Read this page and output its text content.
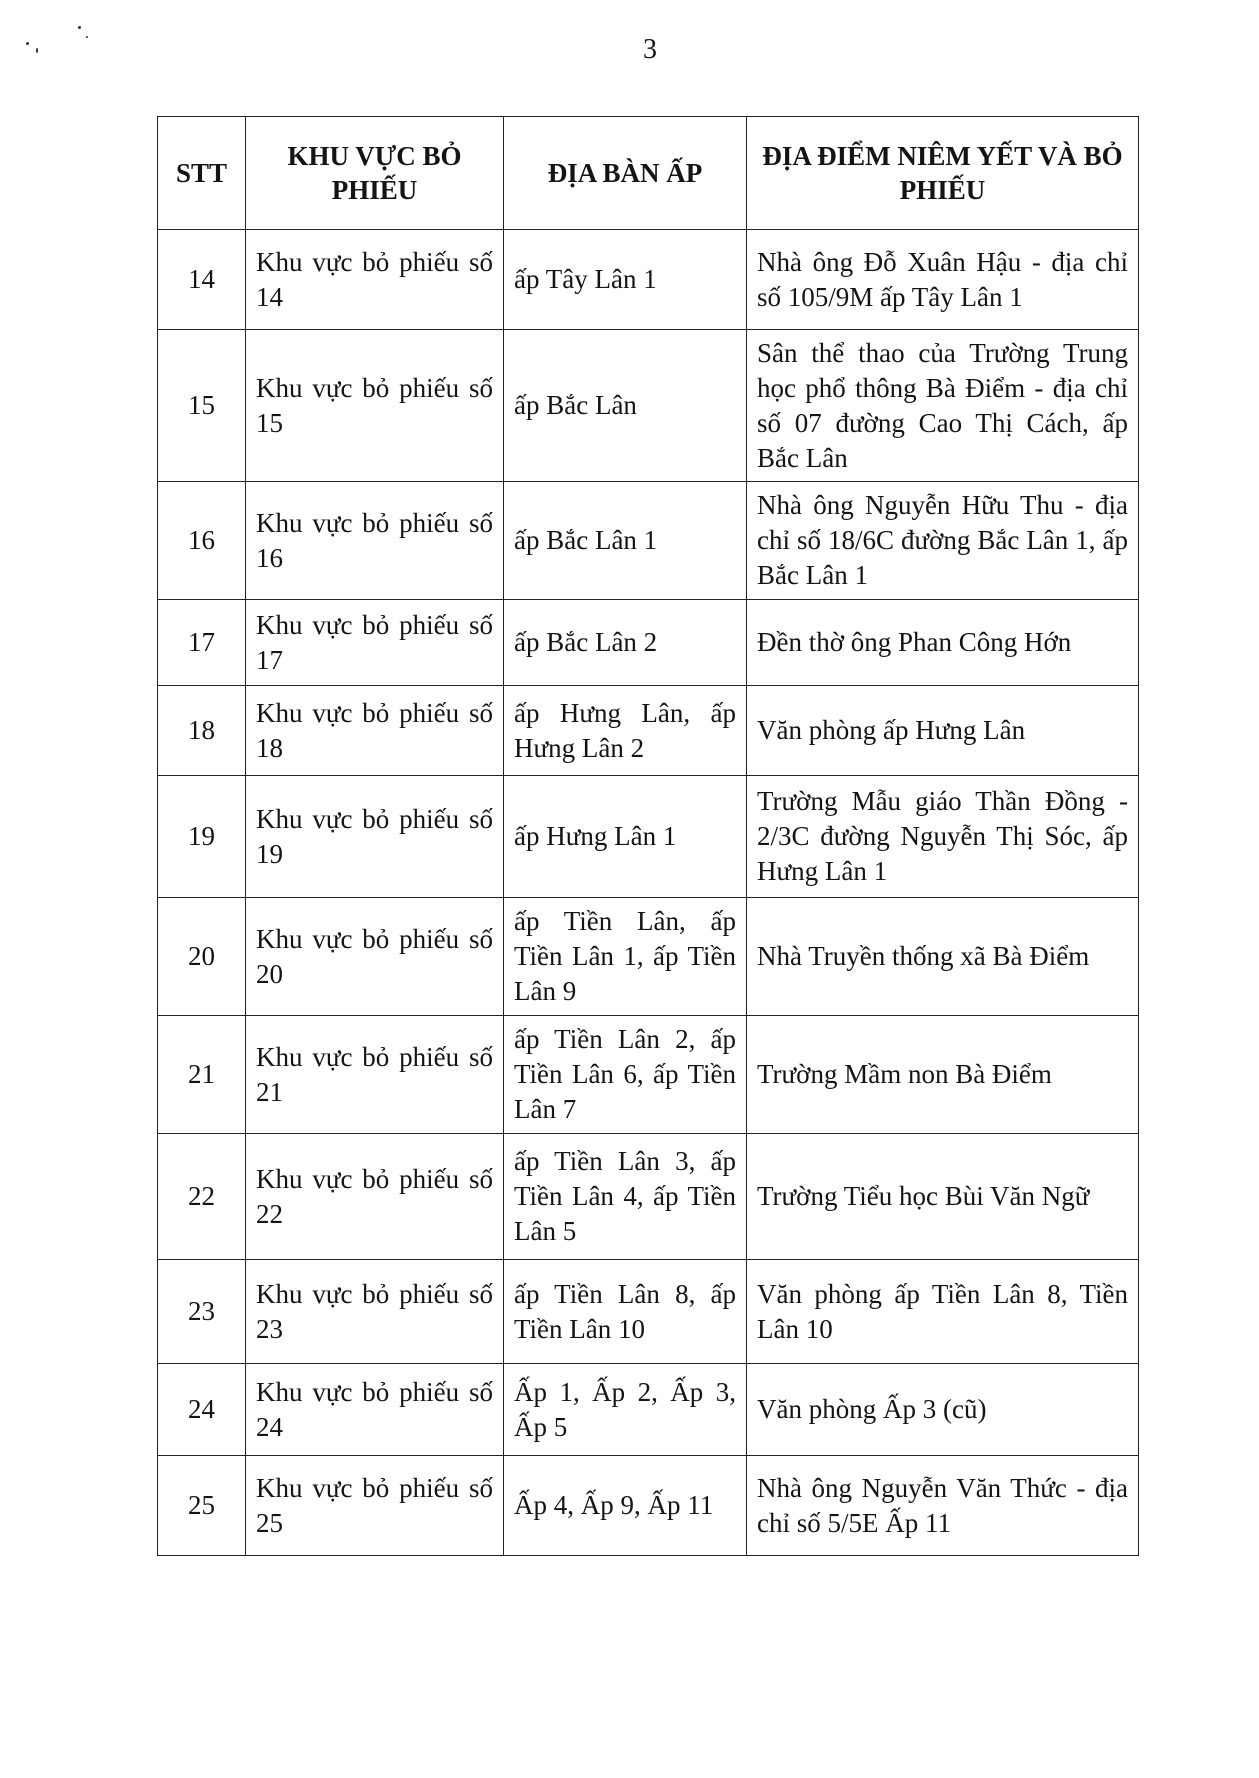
3
STT	KHU VỰC BỎ PHIẾU	ĐỊA BÀN ẤP	ĐỊA ĐIỂM NIÊM YẾT VÀ BỎ PHIẾU
14	Khu vực bỏ phiếu số 14	ấp Tây Lân 1	Nhà ông Đỗ Xuân Hậu - địa chỉ số 105/9M ấp Tây Lân 1
15	Khu vực bỏ phiếu số 15	ấp Bắc Lân	Sân thể thao của Trường Trung học phổ thông Bà Điểm - địa chỉ số 07 đường Cao Thị Cách, ấp Bắc Lân
16	Khu vực bỏ phiếu số 16	ấp Bắc Lân 1	Nhà ông Nguyễn Hữu Thu - địa chỉ số 18/6C đường Bắc Lân 1, ấp Bắc Lân 1
17	Khu vực bỏ phiếu số 17	ấp Bắc Lân 2	Đền thờ ông Phan Công Hớn
18	Khu vực bỏ phiếu số 18	ấp Hưng Lân, ấp Hưng Lân 2	Văn phòng ấp Hưng Lân
19	Khu vực bỏ phiếu số 19	ấp Hưng Lân 1	Trường Mẫu giáo Thần Đồng - 2/3C đường Nguyễn Thị Sóc, ấp Hưng Lân 1
20	Khu vực bỏ phiếu số 20	ấp Tiền Lân, ấp Tiền Lân 1, ấp Tiền Lân 9	Nhà Truyền thống xã Bà Điểm
21	Khu vực bỏ phiếu số 21	ấp Tiền Lân 2, ấp Tiền Lân 6, ấp Tiền Lân 7	Trường Mầm non Bà Điểm
22	Khu vực bỏ phiếu số 22	ấp Tiền Lân 3, ấp Tiền Lân 4, ấp Tiền Lân 5	Trường Tiểu học Bùi Văn Ngữ
23	Khu vực bỏ phiếu số 23	ấp Tiền Lân 8, ấp Tiền Lân 10	Văn phòng ấp Tiền Lân 8, Tiền Lân 10
24	Khu vực bỏ phiếu số 24	Ấp 1, Ấp 2, Ấp 3, Ấp 5	Văn phòng Ấp 3 (cũ)
25	Khu vực bỏ phiếu số 25	Ấp 4, Ấp 9, Ấp 11	Nhà ông Nguyễn Văn Thức - địa chỉ số 5/5E Ấp 11
